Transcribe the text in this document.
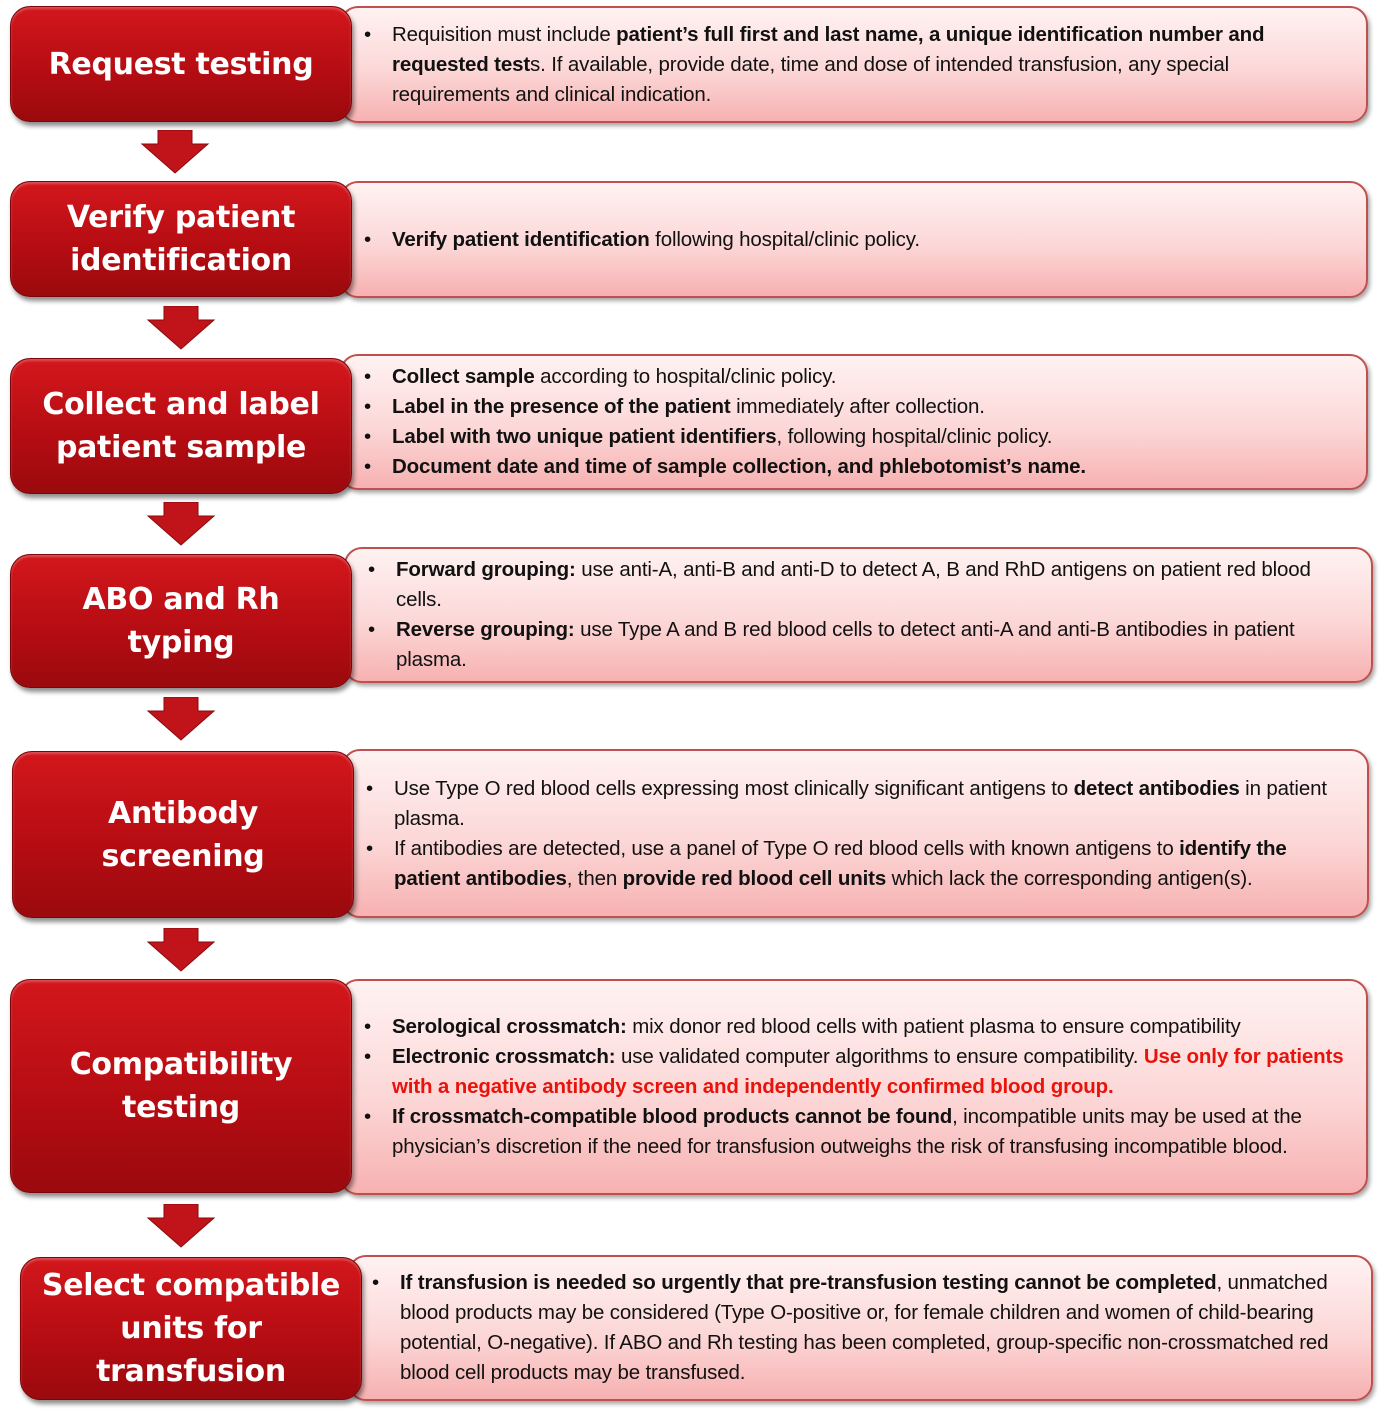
• Requisition must include patient’s full first and last name, a unique identification number and requested tests. If available, provide date, time and dose of intended transfusion, any special requirements and clinical indication.
Request testing
• Verify patient identification following hospital/clinic policy.
Verify patient
identification
• Collect sample according to hospital/clinic policy.
• Label in the presence of the patient immediately after collection.
• Label with two unique patient identifiers, following hospital/clinic policy.
• Document date and time of sample collection, and phlebotomist’s name.
Collect and label
patient sample
• Forward grouping: use anti-A, anti-B and anti-D to detect A, B and RhD antigens on patient red blood cells.
• Reverse grouping: use Type A and B red blood cells to detect anti-A and anti-B antibodies in patient plasma.
ABO and Rh
typing
• Use Type O red blood cells expressing most clinically significant antigens to detect antibodies in patient plasma.
• If antibodies are detected, use a panel of Type O red blood cells with known antigens to identify the patient antibodies, then provide red blood cell units which lack the corresponding antigen(s).
Antibody
screening
• Serological crossmatch: mix donor red blood cells with patient plasma to ensure compatibility
• Electronic crossmatch: use validated computer algorithms to ensure compatibility. Use only for patients with a negative antibody screen and independently confirmed blood group.
• If crossmatch-compatible blood products cannot be found, incompatible units may be used at the physician’s discretion if the need for transfusion outweighs the risk of transfusing incompatible blood.
Compatibility
testing
• If transfusion is needed so urgently that pre-transfusion testing cannot be completed, unmatched blood products may be considered (Type O-positive or, for female children and women of child-bearing potential, O-negative). If ABO and Rh testing has been completed, group-specific non-crossmatched red blood cell products may be transfused.
Select compatible
units for transfusion
